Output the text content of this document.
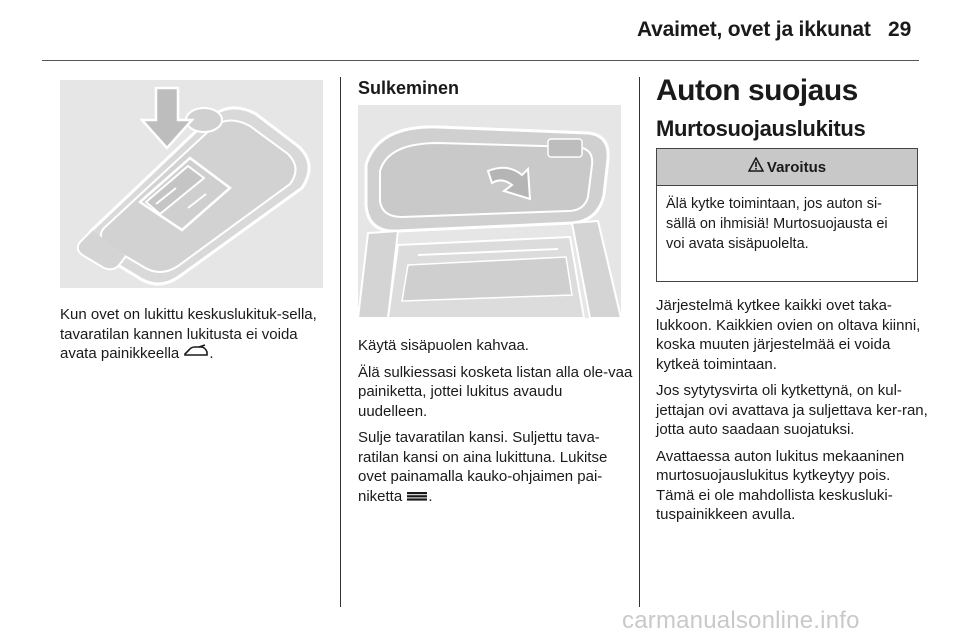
Avaimet, ovet ja ikkunat 29

Kun ovet on lukittu keskuslukituk-sella, tavaratilan kannen lukitusta ei voida avata painikkeella .

Sulkeminen

Käytä sisäpuolen kahvaa.

Älä sulkiessasi kosketa listan alla ole-vaa painiketta, jottei lukitus avaudu uudelleen.

Sulje tavaratilan kansi. Suljettu tava-ratilan kansi on aina lukittuna. Lukitse ovet painamalla kauko-ohjaimen pai-niketta .

Auton suojaus
Murtosuojauslukitus
Varoitus
Älä kytke toimintaan, jos auton si-sällä on ihmisiä! Murtosuojausta ei voi avata sisäpuolelta.

Järjestelmä kytkee kaikki ovet taka-lukkoon. Kaikkien ovien on oltava kiinni, koska muuten järjestelmää ei voida kytkeä toimintaan.

Jos sytytysvirta oli kytkettynä, on kul-jettajan ovi avattava ja suljettava ker-ran, jotta auto saadaan suojatuksi.

Avattaessa auton lukitus mekaaninen murtosuojauslukitus kytkeytyy pois. Tämä ei ole mahdollista keskusluki-tuspainikkeen avulla.

carmanualsonline.info
